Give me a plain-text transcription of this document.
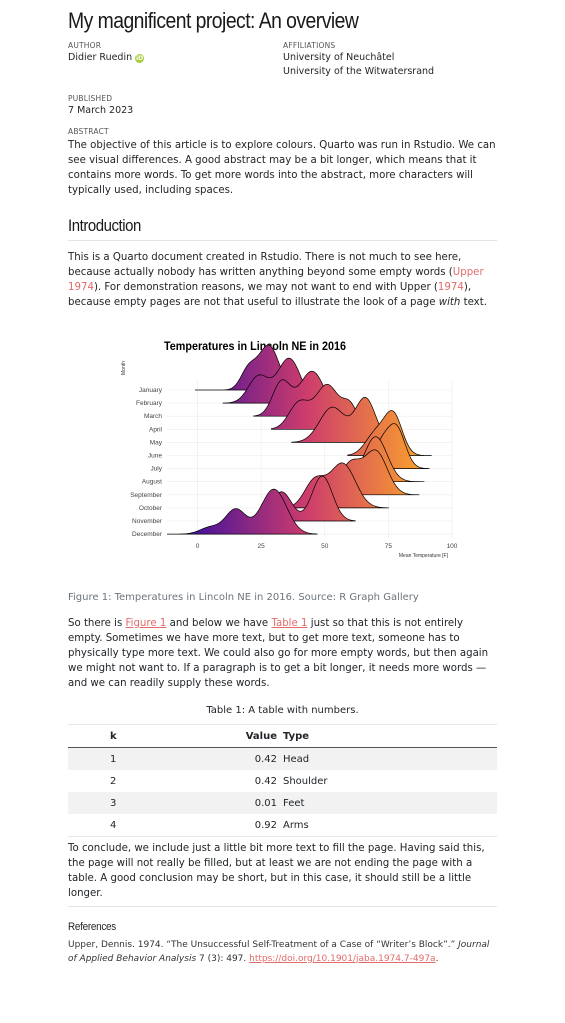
My magnificent project: An overview
AUTHOR
Didier Ruedin iD
AFFILIATIONS
University of Neuchâtel
University of the Witwatersrand
PUBLISHED
7 March 2023
ABSTRACT

The objective of this article is to explore colours. Quarto was run in Rstudio. We can see visual differences. A good abstract may be a bit longer, which means that it contains more words. To get more words into the abstract, more characters will typically used, including spaces.

Introduction

This is a Quarto document created in Rstudio. There is not much to see here, because actually nobody has written anything beyond some empty words (Upper 1974). For demonstration reasons, we may not want to end with Upper (1974), because empty pages are not that useful to illustrate the look of a page with text.

Temperatures in Lincoln NE in 2016
Month
January
February
March
April
May
June
July
August
September
October
November
December
0	25	50	75	100
Mean Temperature [F]
Figure 1: Temperatures in Lincoln NE in 2016. Source: R Graph Gallery

So there is Figure 1 and below we have Table 1 just so that this is not entirely empty. Sometimes we have more text, but to get more text, someone has to physically type more text. We could also go for more empty words, but then again we might not want to. If a paragraph is to get a bit longer, it needs more words — and we can readily supply these words.

Table 1: A table with numbers.
k	Value	Type
1	0.42	Head
2	0.42	Shoulder
3	0.01	Feet
4	0.92	Arms

To conclude, we include just a little bit more text to fill the page. Having said this, the page will not really be filled, but at least we are not ending the page with a table. A good conclusion may be short, but in this case, it should still be a little longer.

References
Upper, Dennis. 1974. “The Unsuccessful Self-Treatment of a Case of “Writer’s Block”.” Journal of Applied Behavior Analysis 7 (3): 497. https://doi.org/10.1901/jaba.1974.7-497a.
